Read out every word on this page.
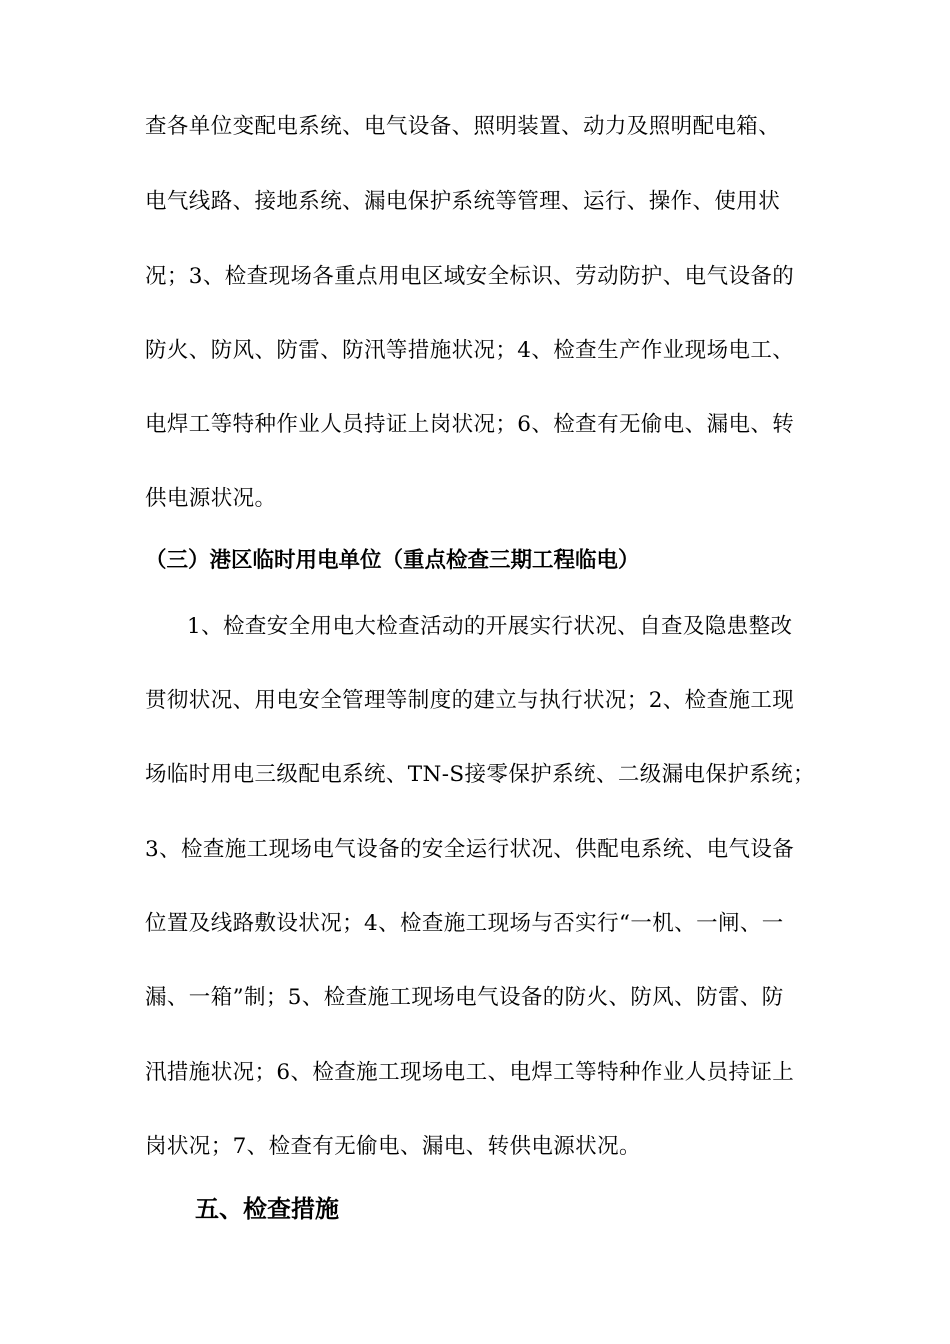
查各单位变配电系统、电气设备、照明装置、动力及照明配电箱、
电气线路、接地系统、漏电保护系统等管理、运行、操作、使用状
况；3、检查现场各重点用电区域安全标识、劳动防护、电气设备的
防火、防风、防雷、防汛等措施状况；4、检查生产作业现场电工、
电焊工等特种作业人员持证上岗状况；6、检查有无偷电、漏电、转
供电源状况。
（三）港区临时用电单位（重点检查三期工程临电）
1、检查安全用电大检查活动的开展实行状况、自查及隐患整改
贯彻状况、用电安全管理等制度的建立与执行状况；2、检查施工现
场临时用电三级配电系统、TN-S接零保护系统、二级漏电保护系统；
3、检查施工现场电气设备的安全运行状况、供配电系统、电气设备
位置及线路敷设状况；4、检查施工现场与否实行“一机、一闸、一
漏、一箱”制；5、检查施工现场电气设备的防火、防风、防雷、防
汛措施状况；6、检查施工现场电工、电焊工等特种作业人员持证上
岗状况；7、检查有无偷电、漏电、转供电源状况。
五、检查措施
